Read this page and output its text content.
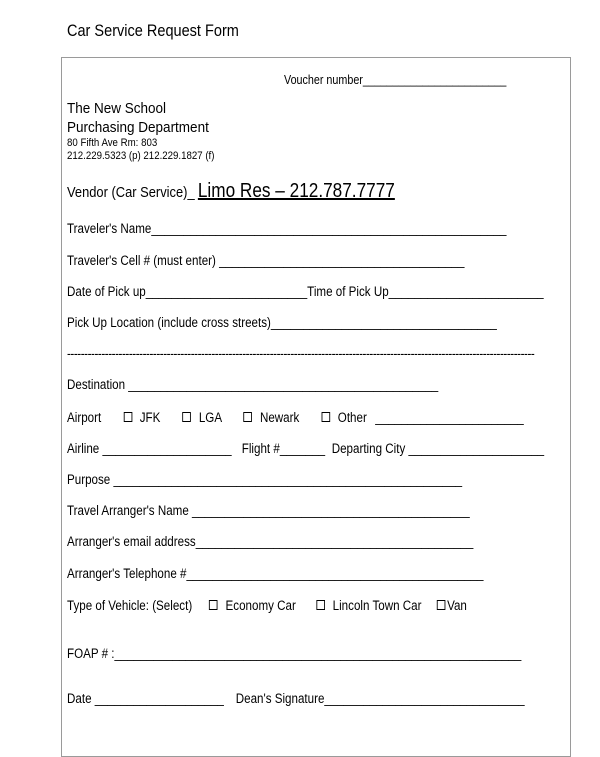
Car Service Request Form
Voucher number________________________
The New School
Purchasing Department
80 Fifth Ave Rm: 803
212.229.5323 (p) 212.229.1827 (f)
Vendor (Car Service)_ Limo Res – 212.787.7777
Traveler's Name_______________________________________________________
Traveler's Cell # (must enter) ______________________________________
Date of Pick up_________________________Time of Pick Up________________________
Pick Up Location (include cross streets)___________________________________
----------------------------------------------------------------------------------------------------------------------------------------
Destination ________________________________________________
Airport	JFK	LGA	Newark	Other _______________________
Airline ____________________ Flight #_______ Departing City _____________________
Purpose ______________________________________________________
Travel Arranger's Name ___________________________________________
Arranger's email address___________________________________________
Arranger's Telephone #______________________________________________
Type of Vehicle: (Select) Economy Car	Lincoln Town Car Van
FOAP # :_______________________________________________________________
Date ____________________ Dean's Signature_______________________________
